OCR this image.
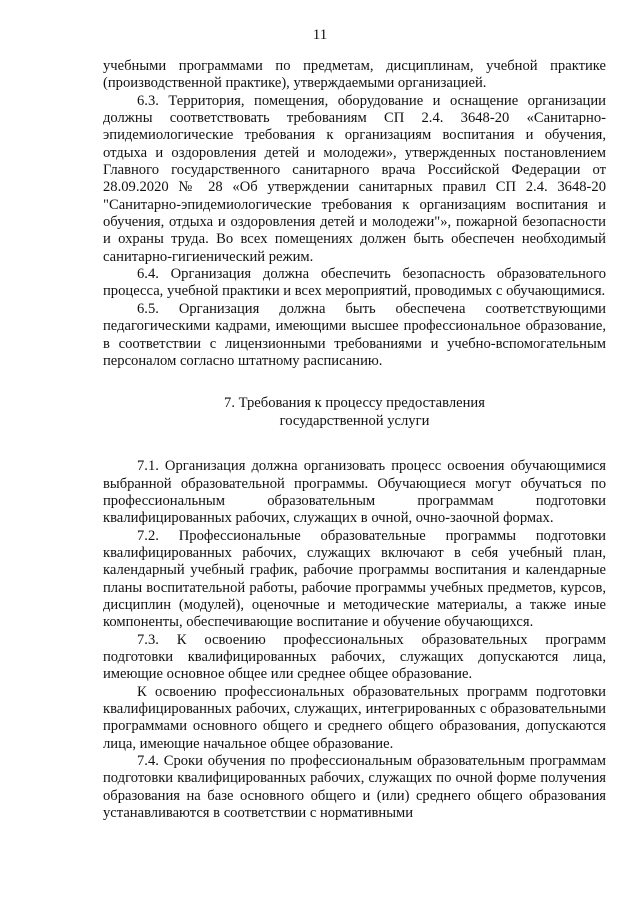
11

учебными программами по предметам, дисциплинам, учебной практике (производственной практике), утверждаемыми организацией.

6.3. Территория, помещения, оборудование и оснащение организации должны соответствовать требованиям СП 2.4. 3648-20 «Санитарно-эпидемиологические требования к организациям воспитания и обучения, отдыха и оздоровления детей и молодежи», утвержденных постановлением Главного государственного санитарного врача Российской Федерации от 28.09.2020 № 28 «Об утверждении санитарных правил СП 2.4. 3648-20 "Санитарно-эпидемиологические требования к организациям воспитания и обучения, отдыха и оздоровления детей и молодежи"», пожарной безопасности и охраны труда. Во всех помещениях должен быть обеспечен необходимый санитарно-гигиенический режим.

6.4. Организация должна обеспечить безопасность образовательного процесса, учебной практики и всех мероприятий, проводимых с обучающимися.

6.5. Организация должна быть обеспечена соответствующими педагогическими кадрами, имеющими высшее профессиональное образование, в соответствии с лицензионными требованиями и учебно-вспомогательным персоналом согласно штатному расписанию.

7. Требования к процессу предоставления
государственной услуги

7.1. Организация должна организовать процесс освоения обучающимися выбранной образовательной программы. Обучающиеся могут обучаться по профессиональным образовательным программам подготовки квалифицированных рабочих, служащих в очной, очно-заочной формах.

7.2. Профессиональные образовательные программы подготовки квалифицированных рабочих, служащих включают в себя учебный план, календарный учебный график, рабочие программы воспитания и календарные планы воспитательной работы, рабочие программы учебных предметов, курсов, дисциплин (модулей), оценочные и методические материалы, а также иные компоненты, обеспечивающие воспитание и обучение обучающихся.

7.3. К освоению профессиональных образовательных программ подготовки квалифицированных рабочих, служащих допускаются лица, имеющие основное общее или среднее общее образование.

К освоению профессиональных образовательных программ подготовки квалифицированных рабочих, служащих, интегрированных с образовательными программами основного общего и среднего общего образования, допускаются лица, имеющие начальное общее образование.

7.4. Сроки обучения по профессиональным образовательным программам подготовки квалифицированных рабочих, служащих по очной форме получения образования на базе основного общего и (или) среднего общего образования устанавливаются в соответствии с нормативными
